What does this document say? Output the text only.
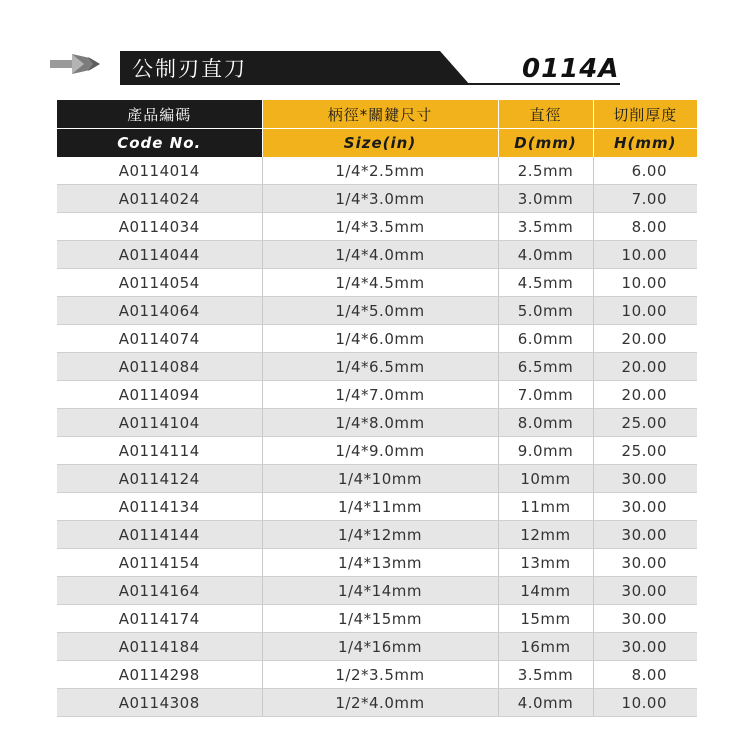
公制刃直刀	0114A
產品編碼	柄徑*關鍵尺寸	直徑	切削厚度
Code No.	Size(in)	D(mm)	H(mm)
A0114014	1/4*2.5mm	2.5mm	6.00
A0114024	1/4*3.0mm	3.0mm	7.00
A0114034	1/4*3.5mm	3.5mm	8.00
A0114044	1/4*4.0mm	4.0mm	10.00
A0114054	1/4*4.5mm	4.5mm	10.00
A0114064	1/4*5.0mm	5.0mm	10.00
A0114074	1/4*6.0mm	6.0mm	20.00
A0114084	1/4*6.5mm	6.5mm	20.00
A0114094	1/4*7.0mm	7.0mm	20.00
A0114104	1/4*8.0mm	8.0mm	25.00
A0114114	1/4*9.0mm	9.0mm	25.00
A0114124	1/4*10mm	10mm	30.00
A0114134	1/4*11mm	11mm	30.00
A0114144	1/4*12mm	12mm	30.00
A0114154	1/4*13mm	13mm	30.00
A0114164	1/4*14mm	14mm	30.00
A0114174	1/4*15mm	15mm	30.00
A0114184	1/4*16mm	16mm	30.00
A0114298	1/2*3.5mm	3.5mm	8.00
A0114308	1/2*4.0mm	4.0mm	10.00
